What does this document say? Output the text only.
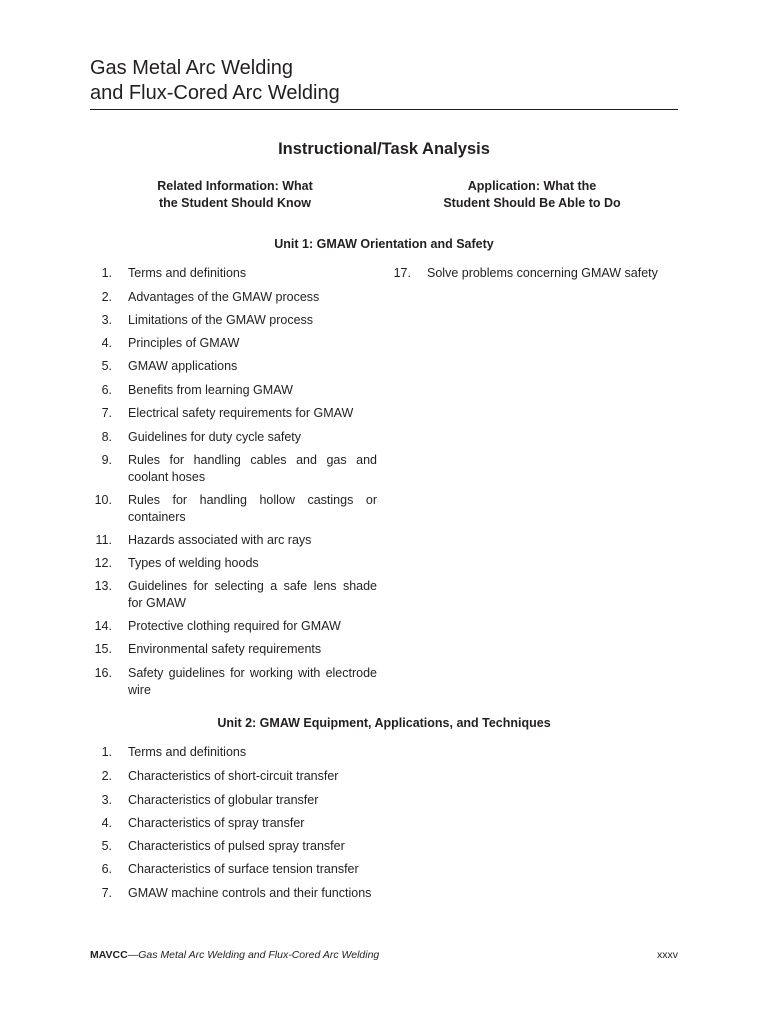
Gas Metal Arc Welding
and Flux-Cored Arc Welding
Instructional/Task Analysis
Related Information: What
the Student Should Know
Application: What the
Student Should Be Able to Do
Unit 1: GMAW Orientation and Safety
1. Terms and definitions
2. Advantages of the GMAW process
3. Limitations of the GMAW process
4. Principles of GMAW
5. GMAW applications
6. Benefits from learning GMAW
7. Electrical safety requirements for GMAW
8. Guidelines for duty cycle safety
9. Rules for handling cables and gas and coolant hoses
10. Rules for handling hollow castings or containers
11. Hazards associated with arc rays
12. Types of welding hoods
13. Guidelines for selecting a safe lens shade for GMAW
14. Protective clothing required for GMAW
15. Environmental safety requirements
16. Safety guidelines for working with electrode wire
17. Solve problems concerning GMAW safety
Unit 2: GMAW Equipment, Applications, and Techniques
1. Terms and definitions
2. Characteristics of short-circuit transfer
3. Characteristics of globular transfer
4. Characteristics of spray transfer
5. Characteristics of pulsed spray transfer
6. Characteristics of surface tension transfer
7. GMAW machine controls and their functions
MAVCC—Gas Metal Arc Welding and Flux-Cored Arc Welding	xxxv
